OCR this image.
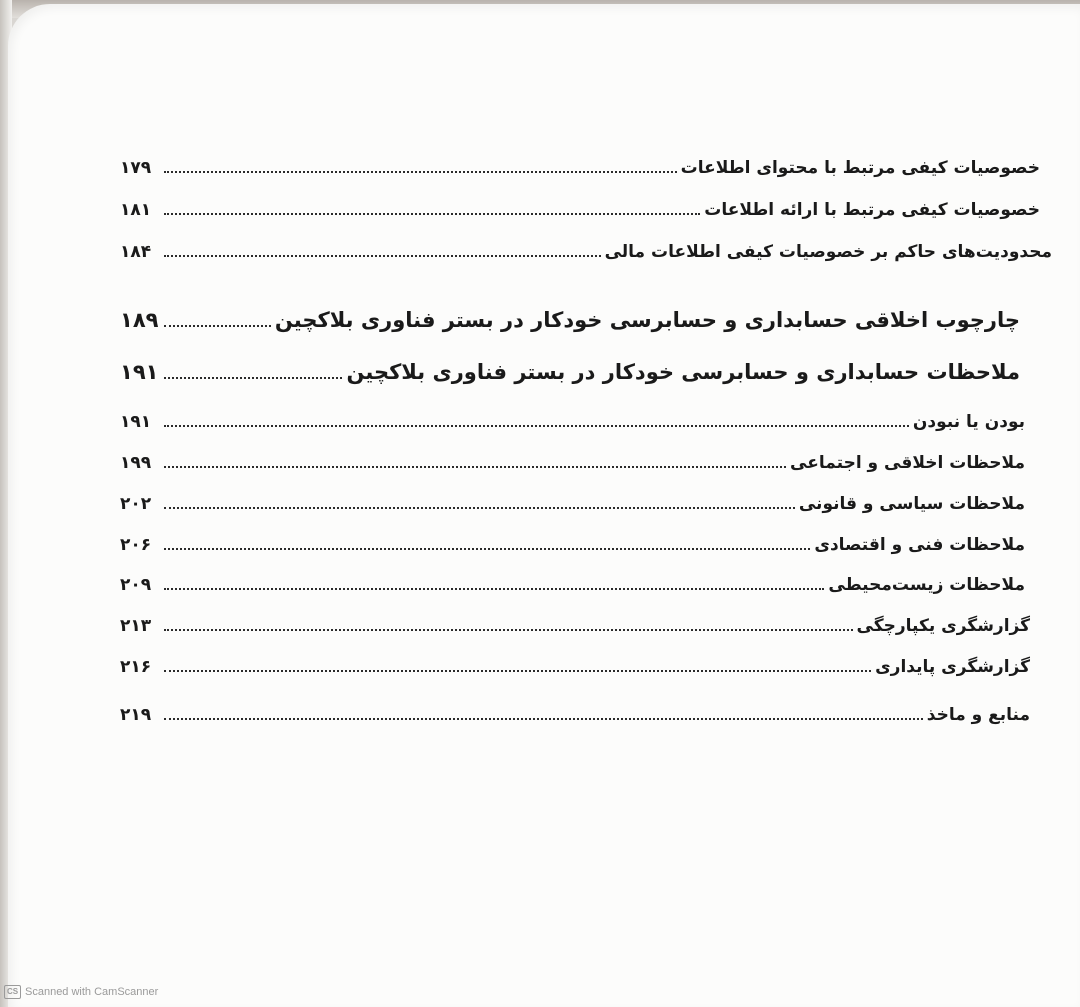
خصوصیات کیفی مرتبط با محتوای اطلاعات
۱۷۹
خصوصیات کیفی مرتبط با ارائه اطلاعات
۱۸۱
محدودیت‌های حاکم بر خصوصیات کیفی اطلاعات مالی
۱۸۴
چارچوب اخلاقی حسابداری و حسابرسی خودکار در بستر فناوری بلاکچین
۱۸۹
ملاحظات حسابداری و حسابرسی خودکار در بستر فناوری بلاکچین
۱۹۱
بودن یا نبودن
۱۹۱
ملاحظات اخلاقی و اجتماعی
۱۹۹
ملاحظات سیاسی و قانونی
۲۰۲
ملاحظات فنی و اقتصادی
۲۰۶
ملاحظات زیست‌محیطی
۲۰۹
گزارشگری یکپارچگی
۲۱۳
گزارشگری پایداری
۲۱۶
منابع و ماخذ
۲۱۹
CS Scanned with CamScanner
